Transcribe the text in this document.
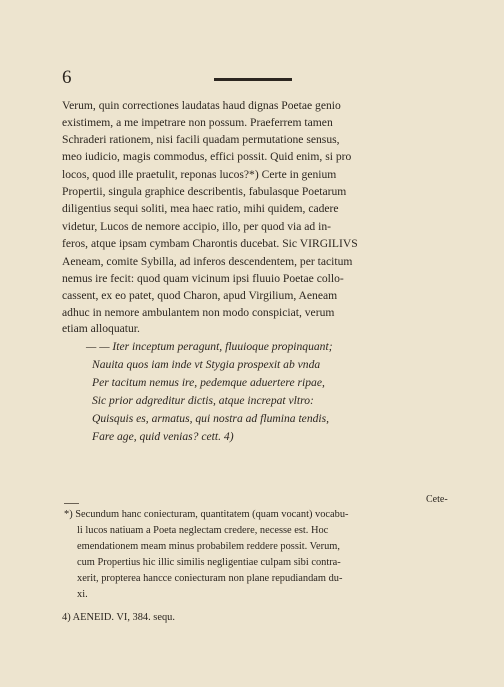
6
Verum, quin correctiones laudatas haud dignas Poetae genio
existimem, a me impetrare non possum. Praeferrem tamen
Schraderi rationem, nisi facili quadam permutatione sensus,
meo iudicio, magis commodus, effici possit. Quid enim, si pro
locos, quod ille praetulit, reponas lucos?*) Certe in genium
Propertii, singula graphice describentis, fabulasque Poetarum
diligentius sequi soliti, mea haec ratio, mihi quidem, cadere
videtur, Lucos de nemore accipio, illo, per quod via ad in-
feros, atque ipsam cymbam Charontis ducebat. Sic VIRGILIVS
Aeneam, comite Sybilla, ad inferos descendentem, per tacitum
nemus ire fecit: quod quam vicinum ipsi fluuio Poetae collo-
cassent, ex eo patet, quod Charon, apud Virgilium, Aeneam
adhuc in nemore ambulantem non modo conspiciat, verum
etiam alloquatur.
— — Iter inceptum peragunt, fluuioque propinquant;
Nauita quos iam inde vt Stygia prospexit ab vnda
Per tacitum nemus ire, pedemque aduertere ripae,
Sic prior adgreditur dictis, atque increpat vltro:
Quisquis es, armatus, qui nostra ad flumina tendis,
Fare age, quid venias? cett. 4)
Cete-
*) Secundum hanc coniecturam, quantitatem (quam vocant) vocabu-
li lucos natiuam a Poeta neglectam credere, necesse est. Hoc
emendationem meam minus probabilem reddere possit. Verum,
cum Propertius hic illic similis negligentiae culpam sibi contra-
xerit, propterea hancce coniecturam non plane repudiandam du-
xi.
4) AENEID. VI, 384. sequ.
